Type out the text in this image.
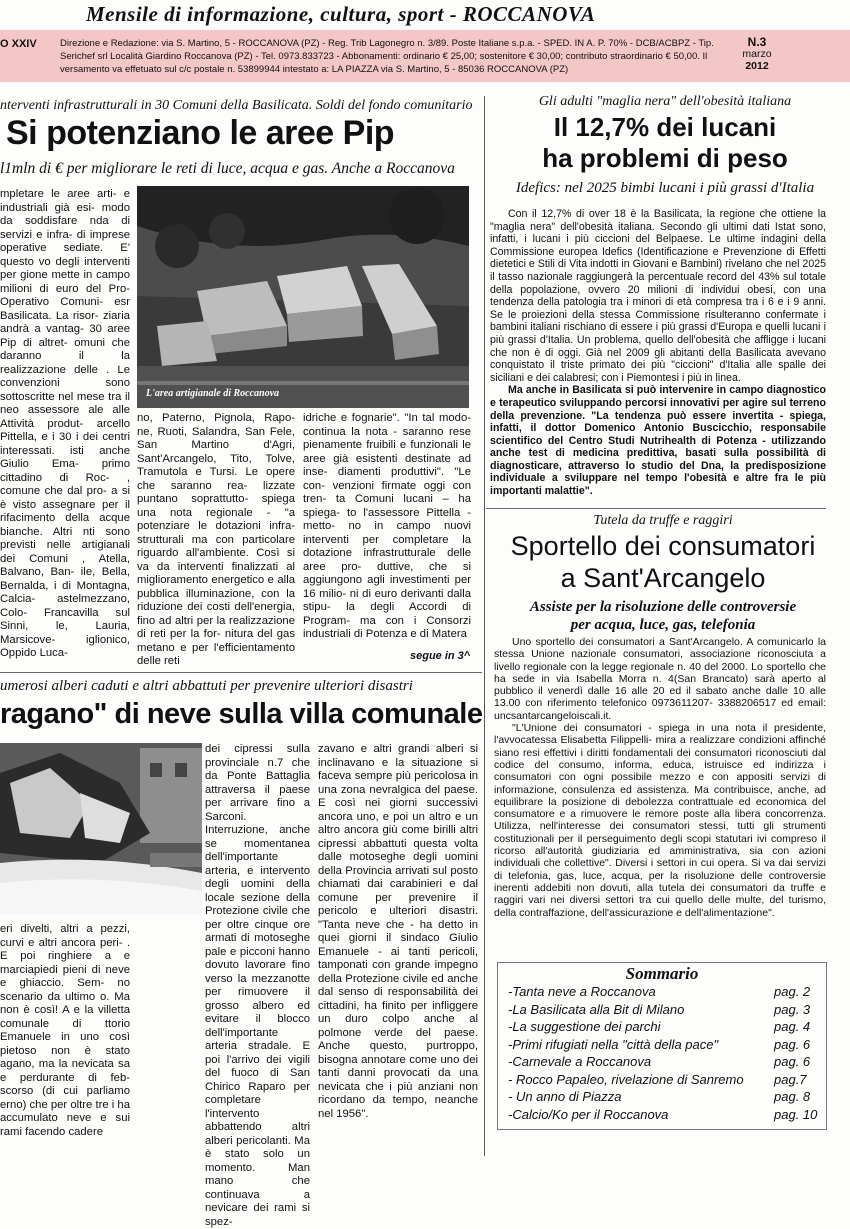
Mensile di informazione, cultura, sport - ROCCANOVA
O XXIV Direzione e Redazione: via S. Martino, 5 - ROCCANOVA (PZ) - Reg. Trib Lagonegro n. 3/89. Poste Italiane s.p.a. - SPED. IN A. P. 70% - DCB/ACBPZ - Tip. Serichef srl Località Giardino Roccanova (PZ) - Tel. 0973.833723 - Abbonamenti: ordinario € 25,00; sostenitore € 30,00; contributo straordinario € 50,00. Il versamento va effetuato sul c/c postale n. 53899944 intestato a: LA PIAZZA via S. Martino, 5 - 85036 ROCCANOVA (PZ)
N.3
marzo
2012
nterventi infrastrutturali in 30 Comuni della Basilicata. Soldi del fondo comunitario
Si potenziano le aree Pip
l1mln di € per migliorare le reti di luce, acqua e gas. Anche a Roccanova

mpletare le aree arti- e industriali già esi- modo da soddisfare nda di servizi e infra- di imprese operative sediate. E' questo vo degli interventi per gione mette in campo milioni di euro del Pro- Operativo Comuni- esr Basilicata. La risor- ziaria andrà a vantag- 30 aree Pip di altret- omuni che daranno il la realizzazione delle . Le convenzioni sono sottoscritte nel mese tra il neo assessore ale alle Attività produt- arcello Pittella, e i 30 i dei centri interessati. isti anche Giulio Ema- primo cittadino di Roc- , comune che dal pro- a si è visto assegnare per il rifacimento della acque bianche. Altri nti sono previsti nelle artigianali dei Comuni , Atella, Balvano, Ban- ile, Bella, Bernalda, i di Montagna, Calcia- astelmezzano, Colo- Francavilla sul Sinni, le, Lauria, Marsicove- iglionico, Oppido Luca-

L'area artigianale di Roccanova

no, Paterno, Pignola, Rapo- ne, Ruoti, Salandra, San Fele, San Martino d'Agri, Sant'Arcangelo, Tito, Tolve, Tramutola e Tursi. Le opere che saranno rea- lizzate puntano soprattutto- spiega una nota regionale - "a potenziare le dotazioni infra- strutturali ma con particolare riguardo all'ambiente. Così si va da interventi finalizzati al miglioramento energetico e alla pubblica illuminazione, con la riduzione dei costi dell'energia, fino ad altri per la realizzazione di reti per la for- nitura del gas metano e per l'efficientamento delle reti

idriche e fognarie". "In tal modo- continua la nota - saranno rese pienamente fruibili e funzionali le aree già esistenti destinate ad inse- diamenti produttivi". "Le con- venzioni firmate oggi con tren- ta Comuni lucani – ha spiega- to l'assessore Pittella - metto- no in campo nuovi interventi per completare la dotazione infrastrutturale delle aree pro- duttive, che si aggiungono agli investimenti per 16 milio- ni di euro derivanti dalla stipu- la degli Accordi di Program- ma con i Consorzi industriali di Potenza e di Matera

segue in 3^
umerosi alberi caduti e altri abbattuti per prevenire ulteriori disastri
ragano" di neve sulla villa comunale

eri divelti, altri a pezzi, curvi e altri ancora peri- . E poi ringhiere a e marciapiedi pieni di neve e ghiaccio. Sem- no scenario da ultimo o. Ma non è così! A e la villetta comunale di ttorio Emanuele in uno così pietoso non è stato agano, ma la nevicata sa e perdurante di feb- scorso (di cui parliamo erno) che per oltre tre i ha accumulato neve e sui rami facendo cadere

dei cipressi sulla provinciale n.7 che da Ponte Battaglia attraversa il paese per arrivare fino a Sarconi. Interruzione, anche se momentanea dell'importante arteria, e intervento degli uomini della locale sezione della Protezione civile che per oltre cinque ore armati di motoseghe pale e picconi hanno dovuto lavorare fino verso la mezzanotte per rimuovere il grosso albero ed evitare il blocco dell'importante arteria stradale. E poi l'arrivo dei vigili del fuoco di San Chirico Raparo per completare l'intervento abbattendo altri alberi pericolanti. Ma è stato solo un momento. Man mano che continuava a nevicare dei rami si spez-

zavano e altri grandi alberi si inclinavano e la situazione si faceva sempre più pericolosa in una zona nevralgica del paese. E così nei giorni successivi ancora uno, e poi un altro e un altro ancora giù come birilli altri cipressi abbattuti questa volta dalle motoseghe degli uomini della Provincia arrivati sul posto chiamati dai carabinieri e dal comune per prevenire il pericolo e ulteriori disastri. "Tanta neve che - ha detto in quei giorni il sindaco Giulio Emanuele - ai tanti pericoli, tamponati con grande impegno della Protezione civile ed anche dal senso di responsabilità dei cittadini, ha finito per infliggere un duro colpo anche al polmone verde del paese. Anche questo, purtroppo, bisogna annotare come uno dei tanti danni provocati da una nevicata che i più anziani non ricordano da tempo, neanche nel 1956".

Gli adulti "maglia nera" dell'obesità italiana
Il 12,7% dei lucani
ha problemi di peso
Idefics: nel 2025 bimbi lucani i più grassi d'Italia

Con il 12,7% di over 18 è la Basilicata, la regione che ottiene la "maglia nera" dell'obesità italiana. Secondo gli ultimi dati Istat sono, infatti, i lucani i più ciccioni del Belpaese. Le ultime indagini della Commissione europea Idefics (Identificazione e Prevenzione di Effetti dietetici e Stili di Vita indotti in Giovani e Bambini) rivelano che nel 2025 il tasso nazionale raggiungerà la percentuale record del 43% sul totale della popolazione, ovvero 20 milioni di individui obesi, con una tendenza della patologia tra i minori di età compresa tra i 6 e i 9 anni. Se le proiezioni della stessa Commissione risulteranno confermate i bambini italiani rischiano di essere i più grassi d'Europa e quelli lucani i più grassi d'Italia. Un problema, quello dell'obesità che affligge i lucani che non è di oggi. Già nel 2009 gli abitanti della Basilicata avevano conquistato il triste primato dei più "ciccioni" d'Italia alle spalle dei siciliani e dei calabresi; con i Piemontesi i più in linea.

Ma anche in Basilicata si può intervenire in campo diagnostico e terapeutico sviluppando percorsi innovativi per agire sul terreno della prevenzione. "La tendenza può essere invertita - spiega, infatti, il dottor Domenico Antonio Buscicchio, responsabile scientifico del Centro Studi Nutrihealth di Potenza - utilizzando anche test di medicina predittiva, basati sulla possibilità di diagnosticare, attraverso lo studio del Dna, la predisposizione individuale a sviluppare nel tempo l'obesità e altre fra le più importanti malattie".

Tutela da truffe e raggiri
Sportello dei consumatori
a Sant'Arcangelo
Assiste per la risoluzione delle controversie
per acqua, luce, gas, telefonia

Uno sportello dei consumatori a Sant'Arcangelo. A comunicarlo la stessa Unione nazionale consumatori, associazione riconosciuta a livello regionale con la legge regionale n. 40 del 2000. Lo sportello che ha sede in via Isabella Morra n. 4(San Brancato) sarà aperto al pubblico il venerdì dalle 16 alle 20 ed il sabato anche dalle 10 alle 13.00 con riferimento telefonico 0973611207- 3388206517 ed email: uncsantarcangeloiscali.it.

"L'Unione dei consumatori - spiega in una nota il presidente, l'avvocatessa Elisabetta Filippelli- mira a realizzare condizioni affinché siano resi effettivi i diritti fondamentali dei consumatori riconosciuti dal codice del consumo, informa, educa, istruisce ed indirizza i consumatori con ogni possibile mezzo e con appositi servizi di informazione, consulenza ed assistenza. Ma contribuisce, anche, ad equilibrare la posizione di debolezza contrattuale ed economica del consumatore e a rimuovere le remore poste alla libera concorrenza. Utilizza, nell'interesse dei consumatori stessi, tutti gli strumenti costituzionali per il perseguimento degli scopi statutari ivi compreso il ricorso all'autorità giudiziaria ed amministrativa, sia con azioni individuali che collettive". Diversi i settori in cui opera. Si va dai servizi di telefonia, gas, luce, acqua, per la risoluzione delle controversie inerenti addebiti non dovuti, alla tutela dei consumatori da truffe e raggiri vari nei diversi settori tra cui quello delle multe, del turismo, della contraffazione, dell'assicurazione e dell'alimentazione".

Sommario
-Tanta neve a Roccanova	pag. 2
-La Basilicata alla Bit di Milano	pag. 3
-La suggestione dei parchi	pag. 4
-Primi rifugiati nella "città della pace"	pag. 6
-Carnevale a Roccanova	pag. 6
- Rocco Papaleo, rivelazione di Sanremo pag.7
- Un anno di Piazza	pag. 8
-Calcio/Ko per il Roccanova	pag. 10
